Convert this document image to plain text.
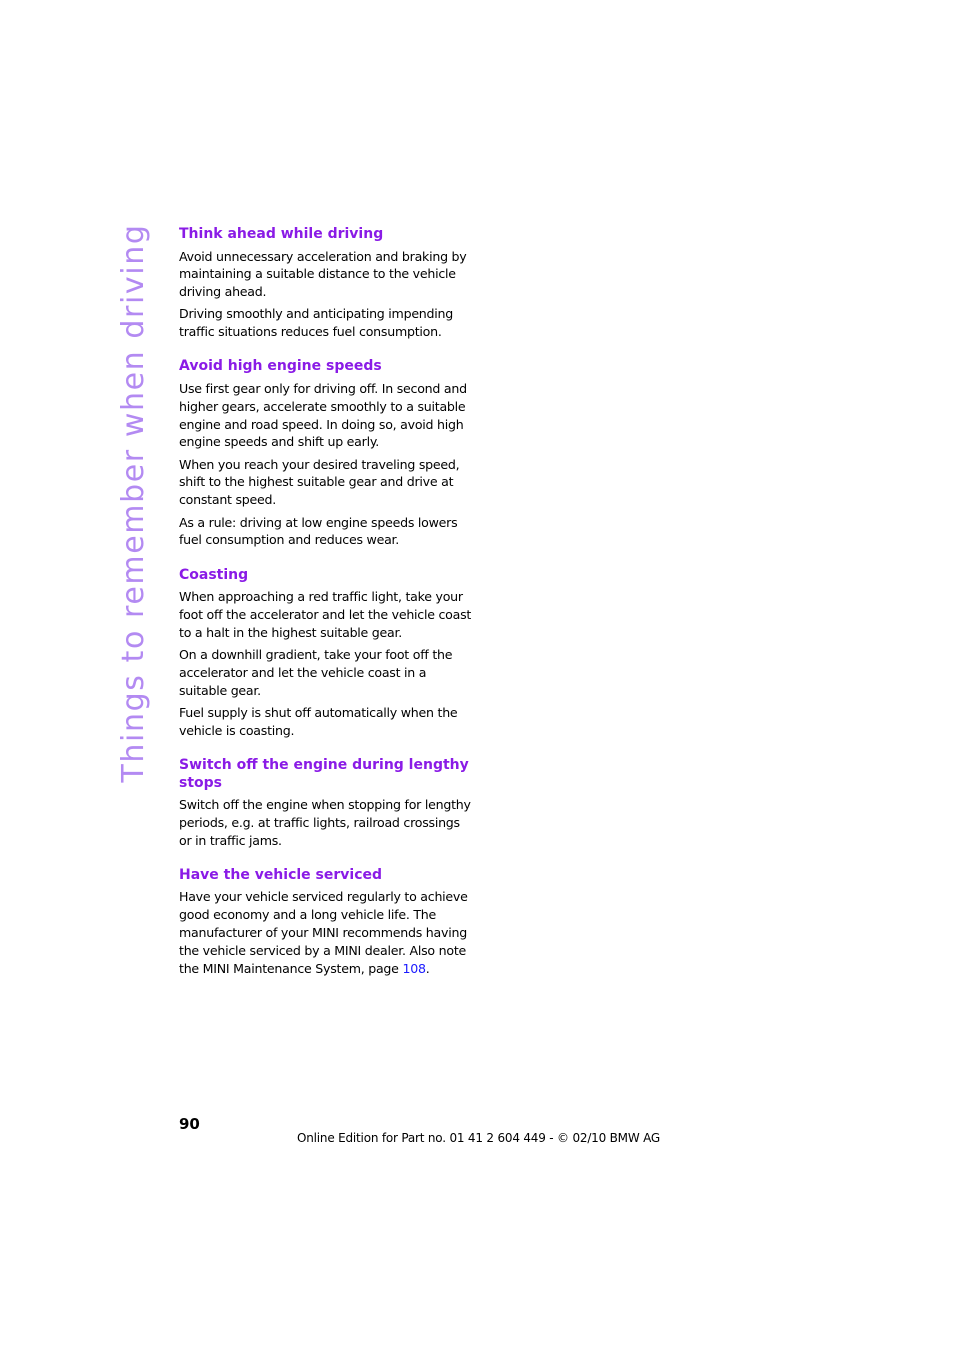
Things to remember when driving Think ahead while driving

Avoid unnecessary acceleration and braking by maintaining a suitable distance to the vehicle driving ahead.

Driving smoothly and anticipating impending traffic situations reduces fuel consumption.

Avoid high engine speeds

Use first gear only for driving off. In second and higher gears, accelerate smoothly to a suitable engine and road speed. In doing so, avoid high engine speeds and shift up early.

When you reach your desired traveling speed, shift to the highest suitable gear and drive at constant speed.

As a rule: driving at low engine speeds lowers fuel consumption and reduces wear.

Coasting

When approaching a red traffic light, take your foot off the accelerator and let the vehicle coast to a halt in the highest suitable gear.

On a downhill gradient, take your foot off the accelerator and let the vehicle coast in a suitable gear.

Fuel supply is shut off automatically when the vehicle is coasting.

Switch off the engine during lengthy stops

Switch off the engine when stopping for lengthy periods, e.g. at traffic lights, railroad crossings or in traffic jams.

Have the vehicle serviced

Have your vehicle serviced regularly to achieve good economy and a long vehicle life. The manufacturer of your MINI recommends having the vehicle serviced by a MINI dealer. Also note the MINI Maintenance System, page 108.

90
Online Edition for Part no. 01 41 2 604 449 - © 02/10 BMW AG
